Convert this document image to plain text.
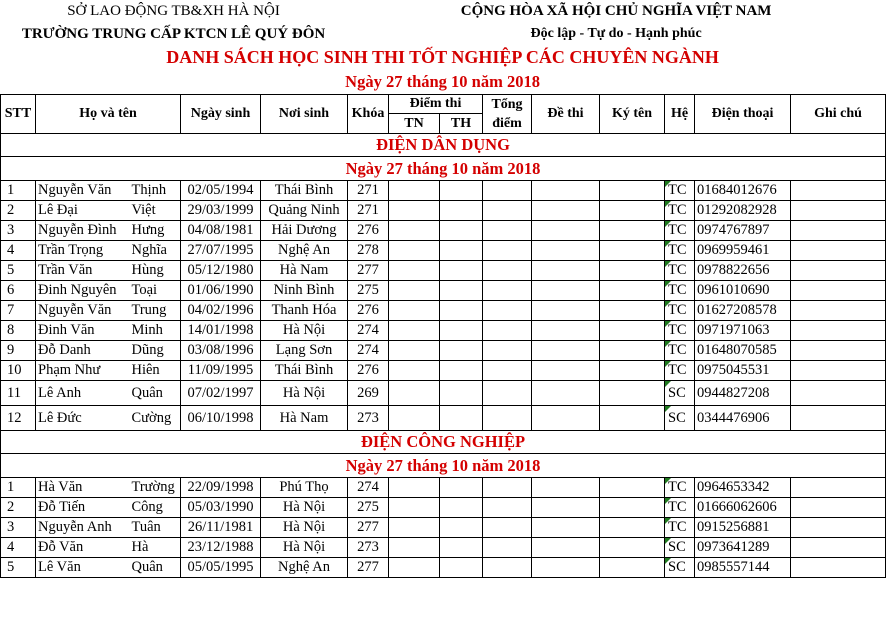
SỞ LAO ĐỘNG TB&XH HÀ NỘI	CỘNG HÒA XÃ HỘI CHỦ NGHĨA VIỆT NAM
TRƯỜNG TRUNG CẤP KTCN LÊ QUÝ ĐÔN	Độc lập - Tự do - Hạnh phúc
DANH SÁCH HỌC SINH THI TỐT NGHIỆP CÁC CHUYÊN NGÀNH	
Ngày 27 tháng 10 năm 2018	
STT	Họ và tên		Ngày sinh	Nơi sinh	Khóa	Điểm thi		Tổng điểm	Đề thi	Ký tên	Hệ	Điện thoại	Ghi chú
						TN	TH						
ĐIỆN DÂN DỤNG													
Ngày 27 tháng 10 năm 2018													
1	Nguyễn Văn	Thịnh	02/05/1994	Thái Bình	271						TC	01684012676	
2	Lê Đại	Việt	29/03/1999	Quảng Ninh	271						TC	01292082928	
3	Nguyễn Đình	Hưng	04/08/1981	Hải Dương	276						TC	0974767897	
4	Trần Trọng	Nghĩa	27/07/1995	Nghệ An	278						TC	0969959461	
5	Trần Văn	Hùng	05/12/1980	Hà Nam	277						TC	0978822656	
6	Đinh Nguyên	Toại	01/06/1990	Ninh Bình	275						TC	0961010690	
7	Nguyễn Văn	Trung	04/02/1996	Thanh Hóa	276						TC	01627208578	
8	Đinh Văn	Minh	14/01/1998	Hà Nội	274						TC	0971971063	
9	Đỗ Danh	Dũng	03/08/1996	Lạng Sơn	274						TC	01648070585	
10	Phạm Như	Hiên	11/09/1995	Thái Bình	276						TC	0975045531	
11	Lê Anh	Quân	07/02/1997	Hà Nội	269						SC	0944827208	
12	Lê Đức	Cường	06/10/1998	Hà Nam	273						SC	0344476906	
ĐIỆN CÔNG NGHIỆP													
Ngày 27 tháng 10 năm 2018													
1	Hà Văn	Trường	22/09/1998	Phú Thọ	274						TC	0964653342	
2	Đỗ Tiến	Công	05/03/1990	Hà Nội	275						TC	01666062606	
3	Nguyễn Anh	Tuân	26/11/1981	Hà Nội	277						TC	0915256881	
4	Đỗ Văn	Hà	23/12/1988	Hà Nội	273						SC	0973641289	
5	Lê Văn	Quân	05/05/1995	Nghệ An	277						SC	0985557144	
